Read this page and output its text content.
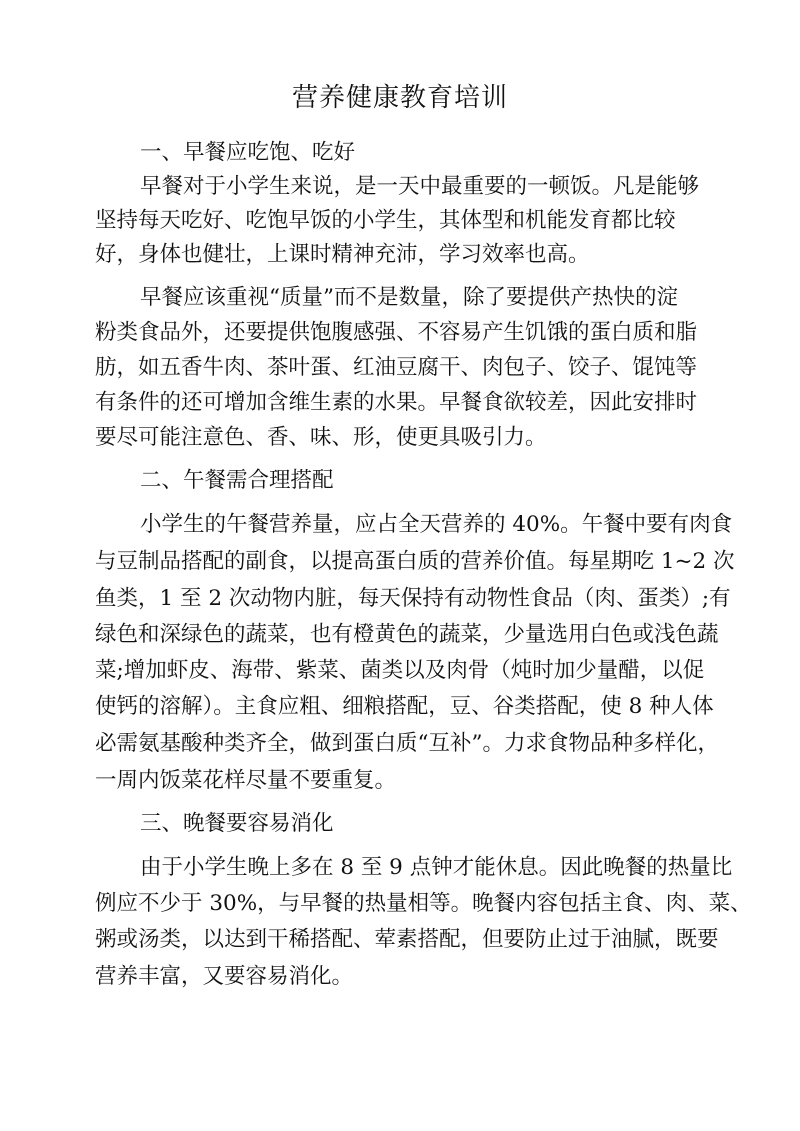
营养健康教育培训
一、早餐应吃饱、吃好
早餐对于小学生来说，是一天中最重要的一顿饭。凡是能够
坚持每天吃好、吃饱早饭的小学生，其体型和机能发育都比较
好，身体也健壮，上课时精神充沛，学习效率也高。
早餐应该重视“质量”而不是数量，除了要提供产热快的淀
粉类食品外，还要提供饱腹感强、不容易产生饥饿的蛋白质和脂
肪，如五香牛肉、茶叶蛋、红油豆腐干、肉包子、饺子、馄饨等
有条件的还可增加含维生素的水果。早餐食欲较差，因此安排时
要尽可能注意色、香、味、形，使更具吸引力。
二、午餐需合理搭配
小学生的午餐营养量，应占全天营养的 40%。午餐中要有肉食
与豆制品搭配的副食，以提高蛋白质的营养价值。每星期吃 1~2 次
鱼类，1 至 2 次动物内脏，每天保持有动物性食品（肉、蛋类）;有
绿色和深绿色的蔬菜，也有橙黄色的蔬菜，少量选用白色或浅色蔬
菜;增加虾皮、海带、紫菜、菌类以及肉骨（炖时加少量醋，以促
使钙的溶解）。主食应粗、细粮搭配，豆、谷类搭配，使 8 种人体
必需氨基酸种类齐全，做到蛋白质“互补”。力求食物品种多样化，
一周内饭菜花样尽量不要重复。
三、晚餐要容易消化
由于小学生晚上多在 8 至 9 点钟才能休息。因此晚餐的热量比
例应不少于 30%，与早餐的热量相等。晚餐内容包括主食、肉、菜、
粥或汤类，以达到干稀搭配、荤素搭配，但要防止过于油腻，既要
营养丰富，又要容易消化。
